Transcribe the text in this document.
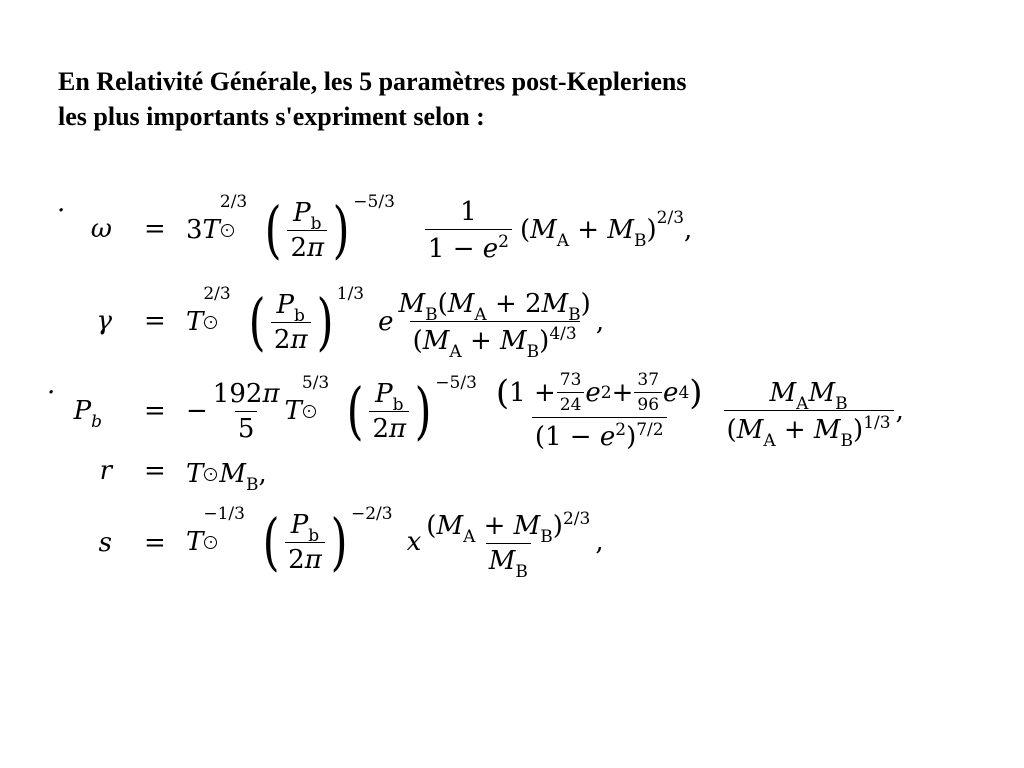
En Relativité Générale, les 5 paramètres post-Kepleriens
les plus importants s'expriment selon :
· ω = 3T
2/3 ( $\frac{P_b}{2\pi}$ ) $-5/3 \frac{1}{1 - e^2} (M_A + M_B)$ 2/3 ,
γ = T
2/3 ( $\frac{P_b}{2\pi}$ ) 1/3
e $\frac{M_B(M_A + 2M_B)}{(M_A + M_B)^{4/3}}$ ,
· $P_b$ = − $\frac{192\pi}{5}$ T
5/3 ( $\frac{P_b}{2\pi}$ ) $-5/3 \frac{( 1 + \frac{73}{24} e 2 + \frac{37}{96} e 4 )}{(1 - e^2)^{7/2}} \frac{M_AM_B}{(M_A + M_B)^{1/3}}$ ,
r = T $M_B$,
s = T
−1/3 ( $\frac{P_b}{2\pi}$ ) −2/3
x $\frac{(M_A + M_B)^{2/3}}{M_B}$ ,
